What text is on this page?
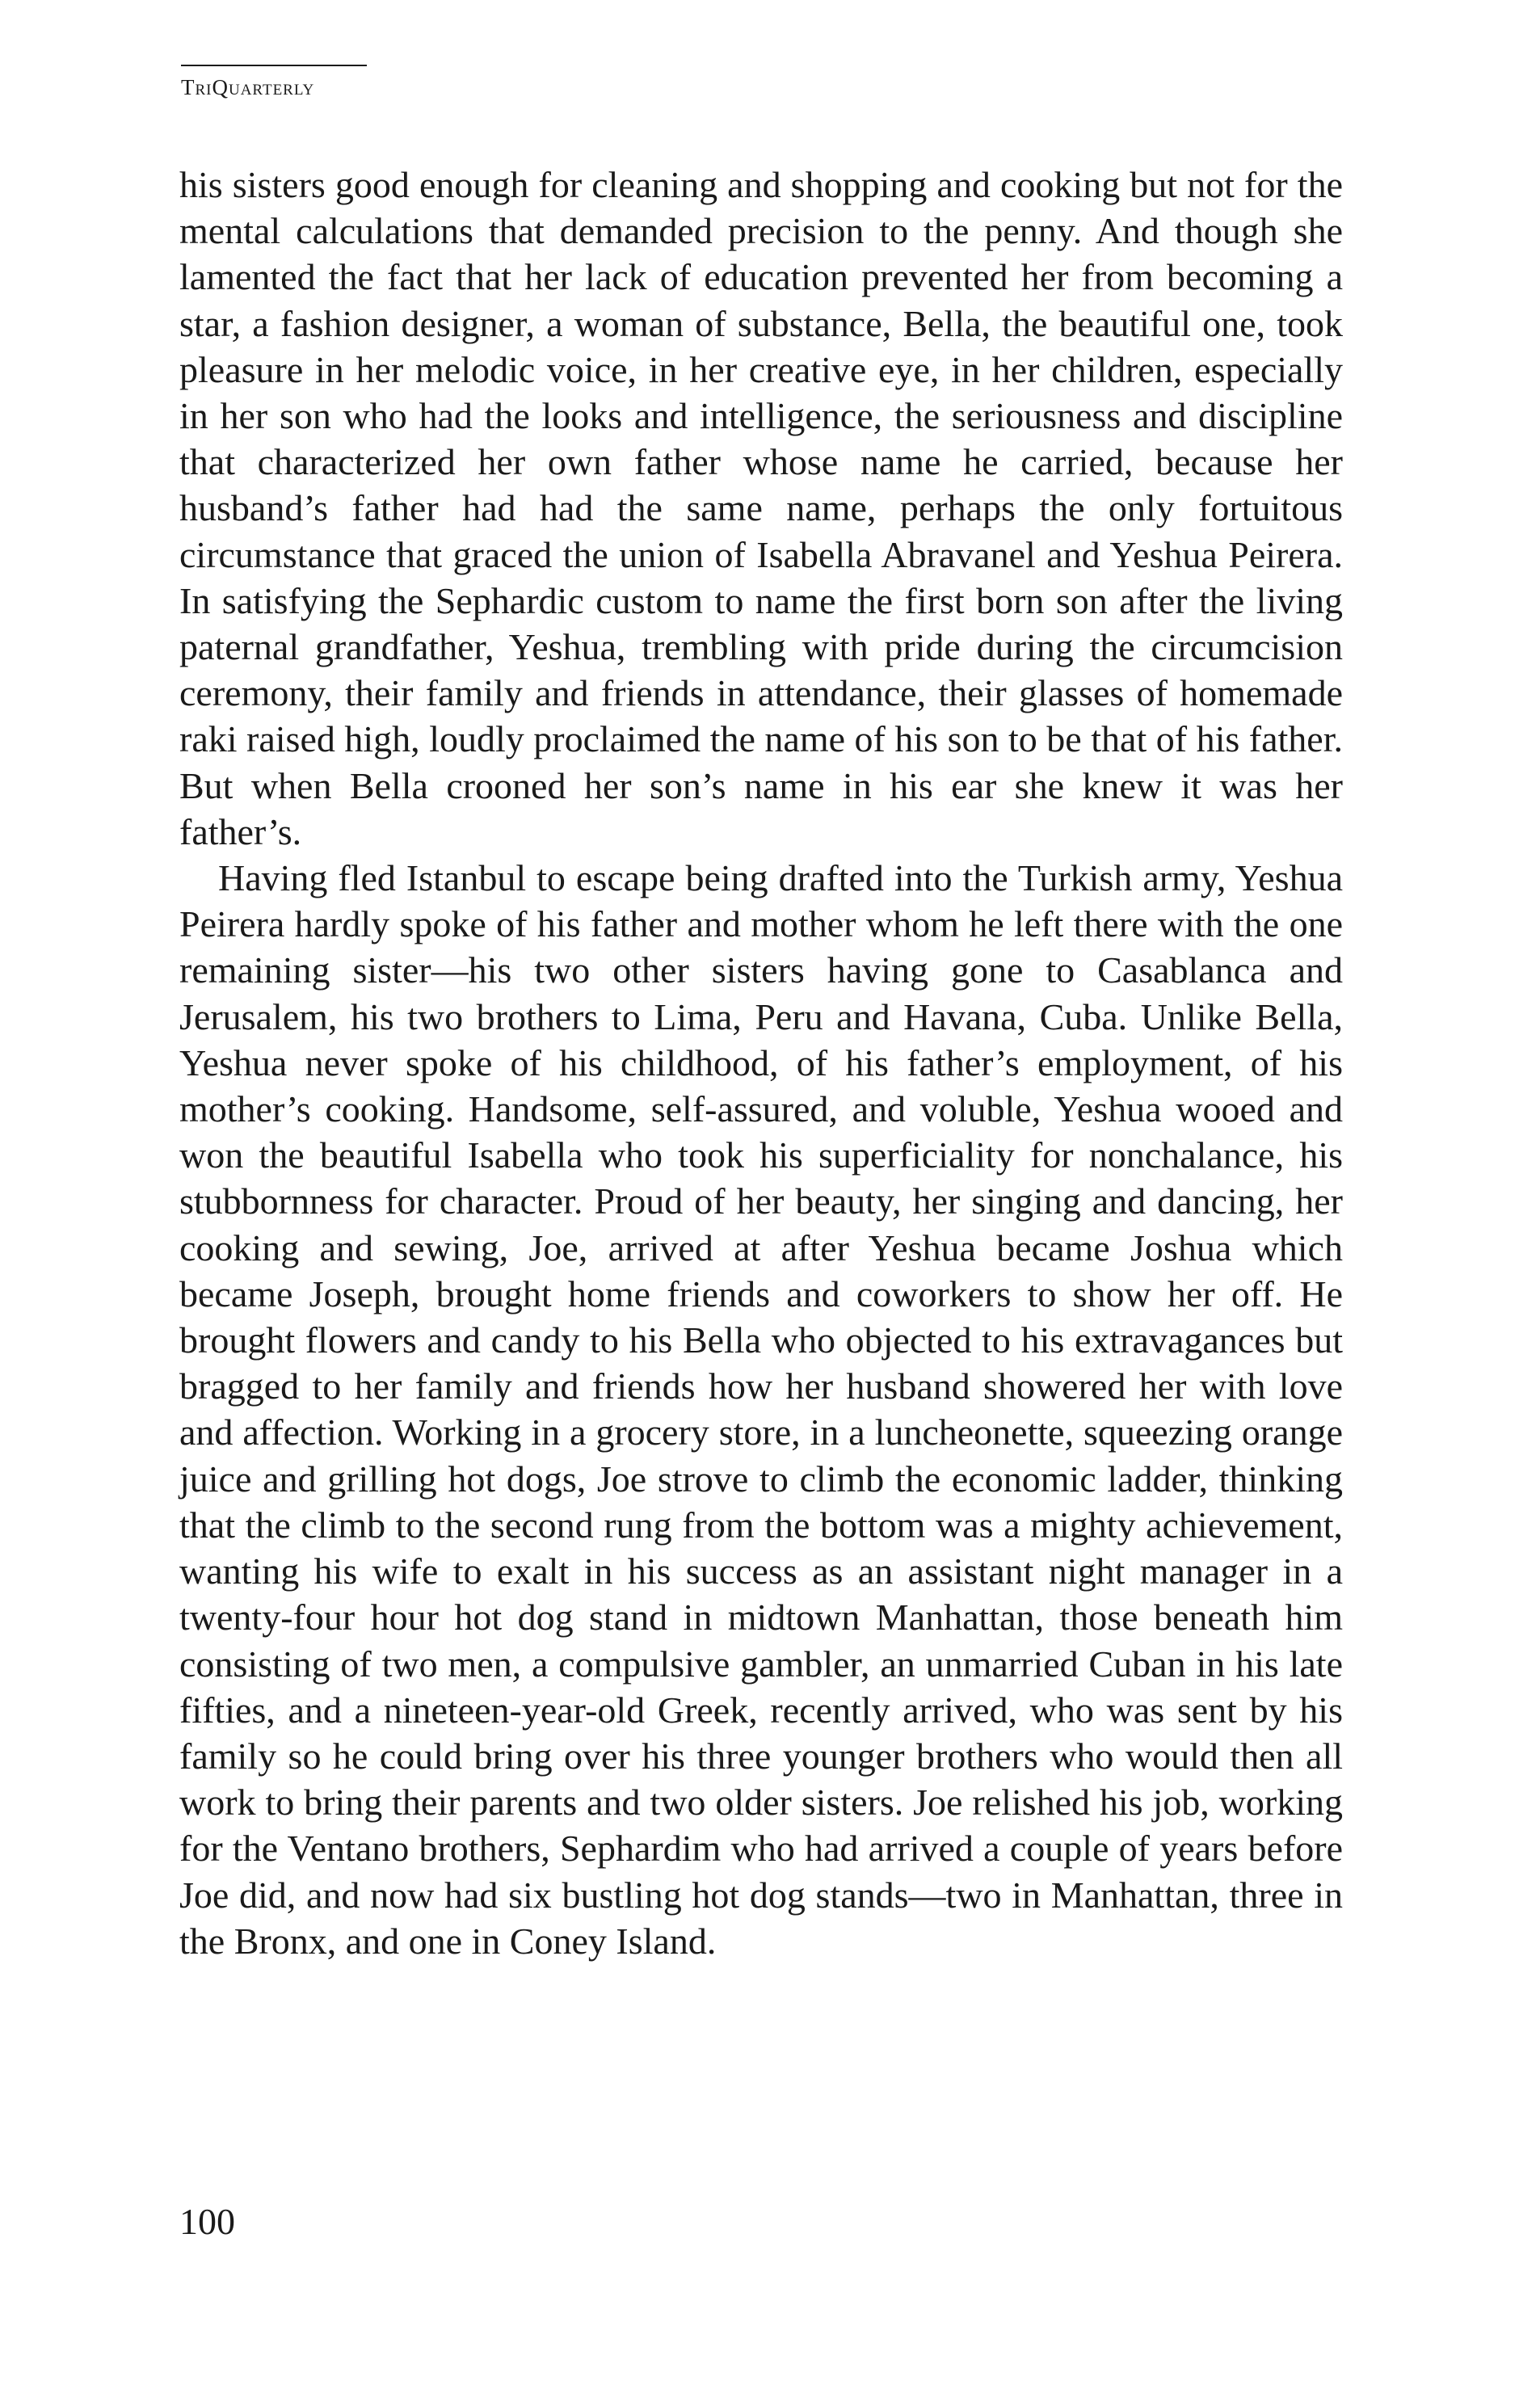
TriQuarterly

his sisters good enough for cleaning and shopping and cooking but not for the mental calculations that demanded precision to the penny. And though she lamented the fact that her lack of education prevented her from becoming a star, a fashion designer, a woman of substance, Bella, the beautiful one, took pleasure in her melodic voice, in her creative eye, in her children, especially in her son who had the looks and intelligence, the seriousness and discipline that characterized her own father whose name he carried, because her husband’s father had had the same name, perhaps the only fortuitous circumstance that graced the union of Isabella Abravanel and Yeshua Peirera. In satisfying the Sephardic custom to name the first born son after the living paternal grandfather, Yeshua, trembling with pride during the circumcision ceremony, their family and friends in attendance, their glasses of homemade raki raised high, loudly proclaimed the name of his son to be that of his father. But when Bella crooned her son’s name in his ear she knew it was her father’s.

Having fled Istanbul to escape being drafted into the Turkish army, Yeshua Peirera hardly spoke of his father and mother whom he left there with the one remaining sister—his two other sisters having gone to Casablanca and Jerusalem, his two brothers to Lima, Peru and Havana, Cuba. Unlike Bella, Yeshua never spoke of his childhood, of his father’s employment, of his mother’s cooking. Handsome, self-assured, and voluble, Yeshua wooed and won the beautiful Isabella who took his superficiality for nonchalance, his stubbornness for character. Proud of her beauty, her singing and dancing, her cooking and sewing, Joe, arrived at after Yeshua became Joshua which became Joseph, brought home friends and coworkers to show her off. He brought flowers and candy to his Bella who objected to his extravagances but bragged to her family and friends how her husband showered her with love and affection. Working in a grocery store, in a luncheonette, squeezing orange juice and grilling hot dogs, Joe strove to climb the economic ladder, thinking that the climb to the second rung from the bottom was a mighty achievement, wanting his wife to exalt in his success as an assistant night manager in a twenty-four hour hot dog stand in midtown Manhattan, those beneath him consisting of two men, a compulsive gambler, an unmarried Cuban in his late fifties, and a nineteen-year-old Greek, recently arrived, who was sent by his family so he could bring over his three younger brothers who would then all work to bring their parents and two older sisters. Joe relished his job, working for the Ventano brothers, Sephardim who had arrived a couple of years before Joe did, and now had six bustling hot dog stands—two in Manhattan, three in the Bronx, and one in Coney Island.

100
